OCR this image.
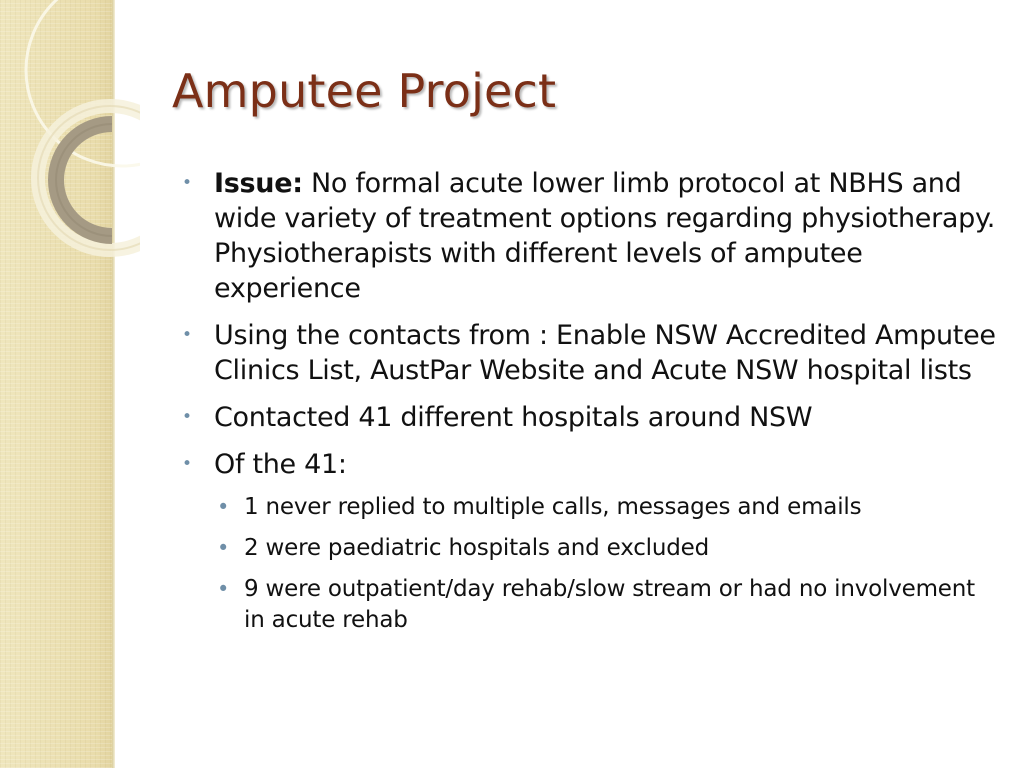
Amputee Project
• Issue: No formal acute lower limb protocol at NBHS and wide variety of treatment options regarding physiotherapy. Physiotherapists with different levels of amputee experience
• Using the contacts from : Enable NSW Accredited Amputee Clinics List, AustPar Website and Acute NSW hospital lists
• Contacted 41 different hospitals around NSW
• Of the 41:
• 1 never replied to multiple calls, messages and emails
• 2 were paediatric hospitals and excluded
• 9 were outpatient/day rehab/slow stream or had no involvement in acute rehab
